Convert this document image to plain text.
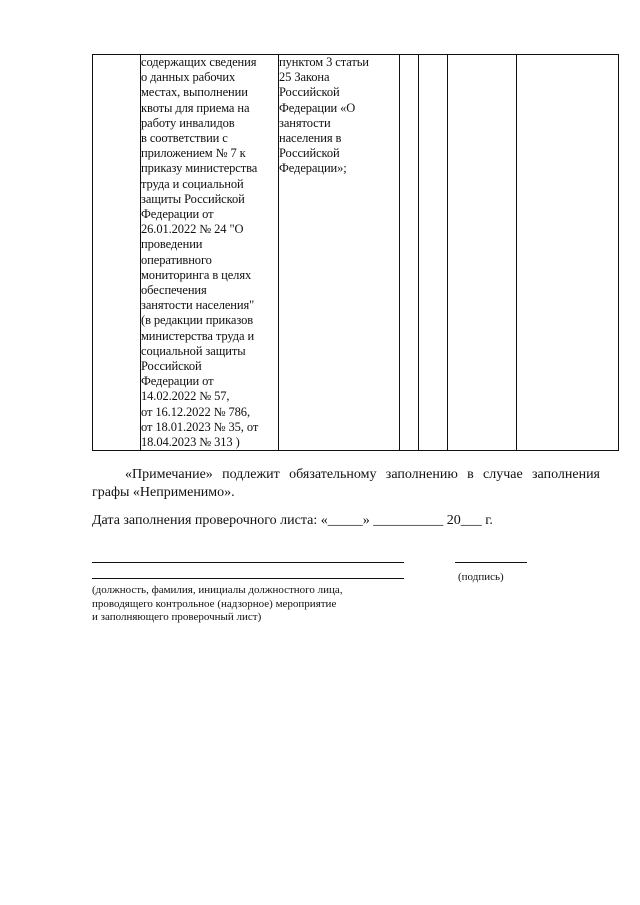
	содержащих сведения
о данных рабочих
местах, выполнении
квоты для приема на
работу инвалидов
в соответствии с
приложением № 7 к
приказу министерства
труда и социальной
защиты Российской
Федерации от
26.01.2022 № 24 "О
проведении
оперативного
мониторинга в целях
обеспечения
занятости населения"
(в редакции приказов
министерства труда и
социальной защиты
Российской
Федерации от
14.02.2022 № 57,
от 16.12.2022 № 786,
от 18.01.2023 № 35, от
18.04.2023 № 313 )	пунктом 3 статьи
25 Закона
Российской
Федерации «О
занятости
населения в
Российской
Федерации»;				
«Примечание» подлежит обязательному заполнению в случае заполнения графы «Неприменимо».
Дата заполнения проверочного листа: «_____» __________ 20___ г.
(подпись)
(должность, фамилия, инициалы должностного лица,
проводящего контрольное (надзорное) мероприятие
и заполняющего проверочный лист)
